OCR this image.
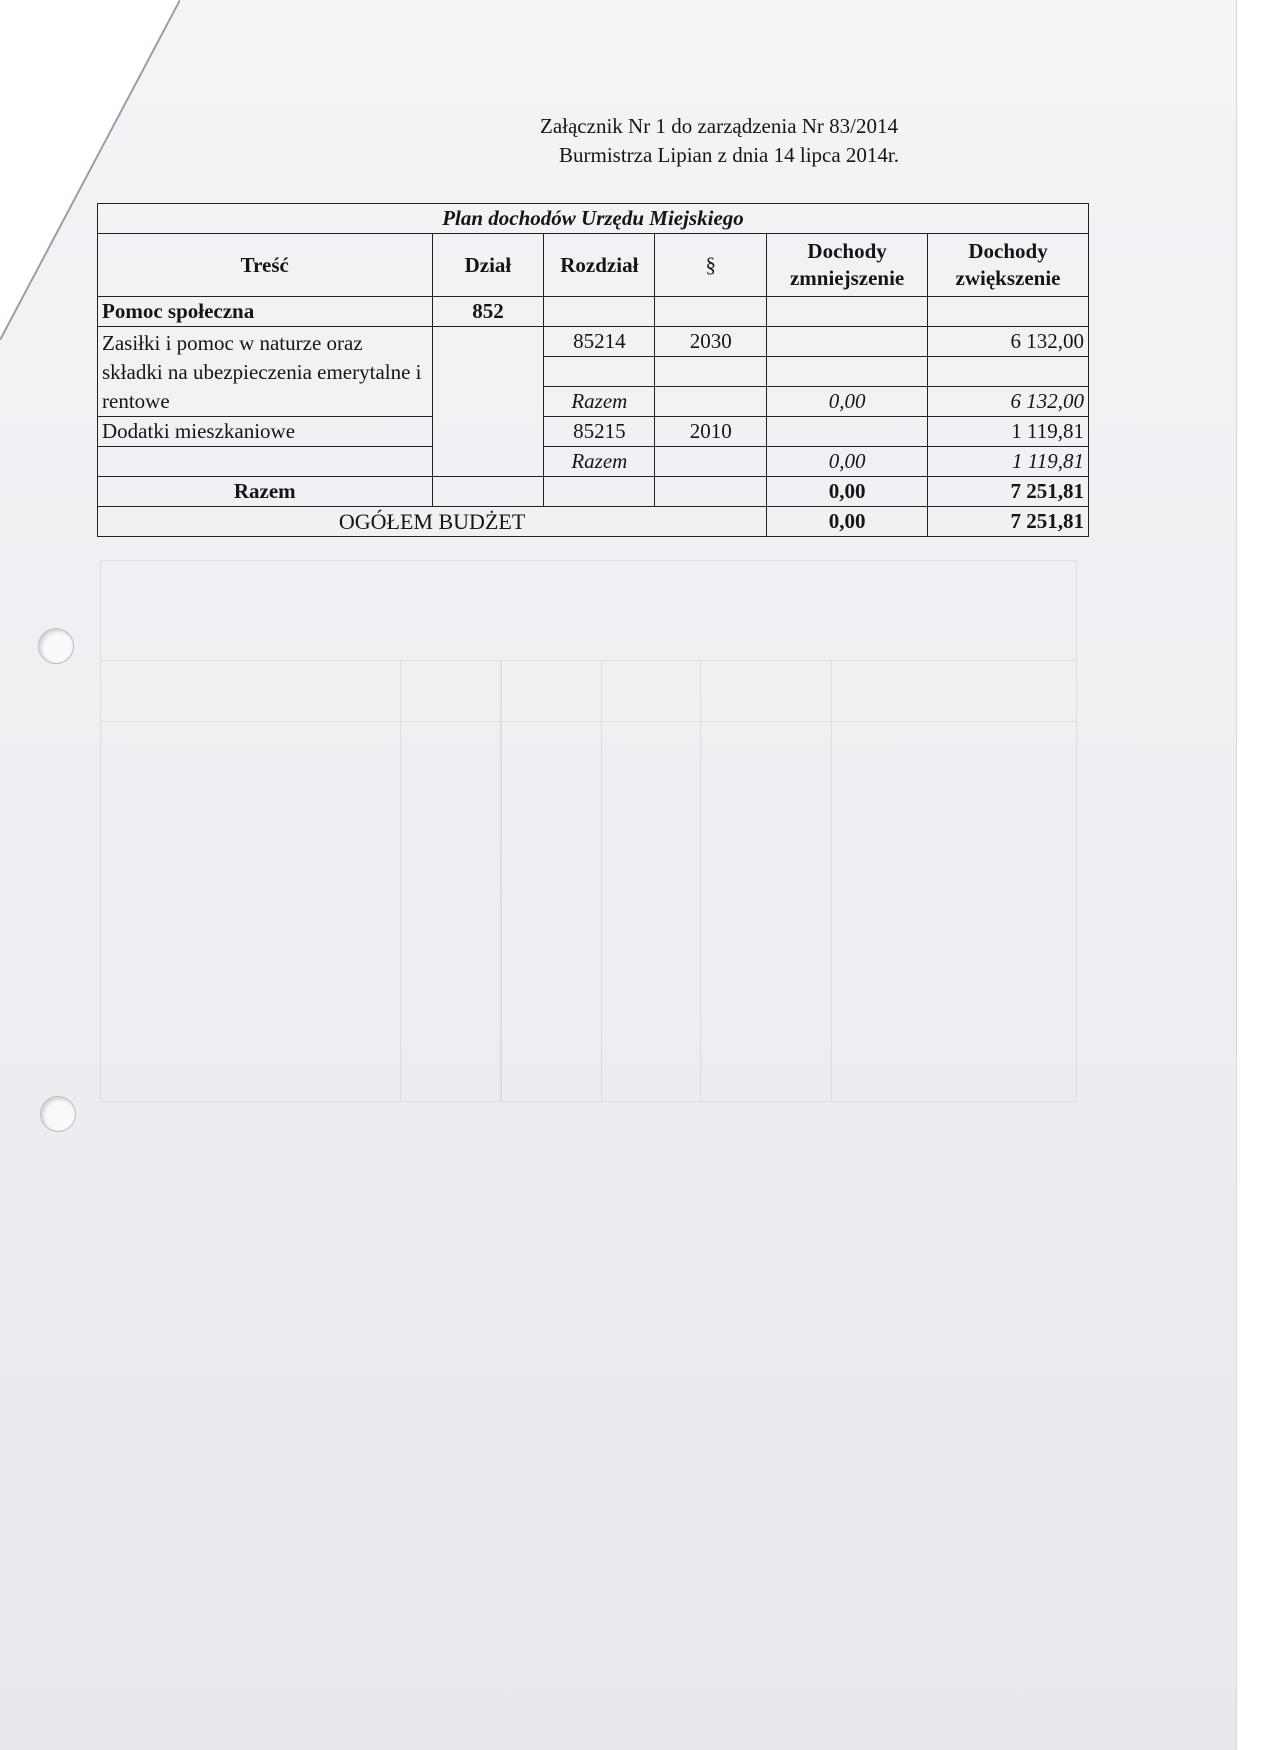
Załącznik Nr 1 do zarządzenia Nr 83/2014
Burmistrza Lipian z dnia 14 lipca 2014r.
Plan dochodów Urzędu Miejskiego					
Treść	Dział	Rozdział	§	Dochody zmniejszenie	Dochody zwiększenie
Pomoc społeczna	852				
Zasiłki i pomoc w naturze oraz składki na ubezpieczenia emerytalne i rentowe		85214	2030		6 132,00

		Razem		0,00	6 132,00
Dodatki mieszkaniowe		85215	2010		1 119,81
		Razem		0,00	1 119,81
Razem				0,00	7 251,81
OGÓŁEM BUDŻET				0,00	7 251,81
